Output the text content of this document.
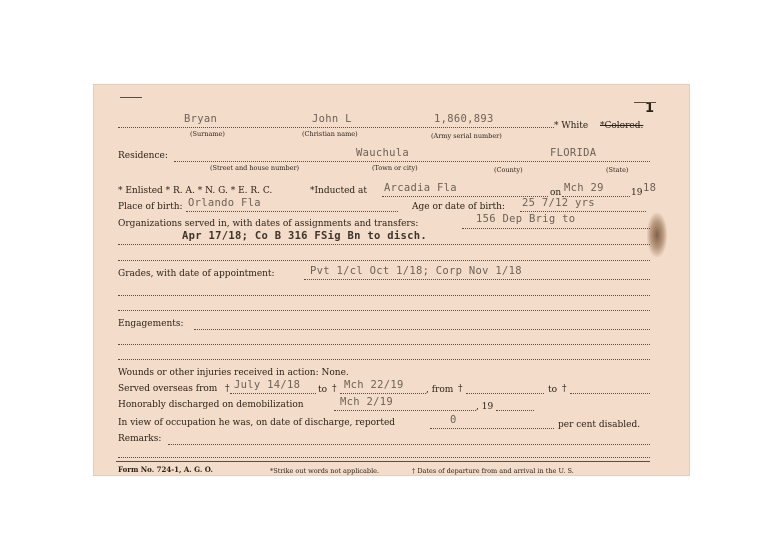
1
Bryan	John L	1,860,893
* White *Colored.
(Surname)	(Christian name)	(Army serial number)
Residence:	Wauchula	FLORIDA
(Street and house number)	(Town or city)	(County)	(State)
* Enlisted * R. A. * N. G. * E. R. C.	*Inducted at Arcadia Fla	on Mch 29	19 18
Place of birth: Orlando Fla	Age or date of birth: 25 7/12 yrs
Organizations served in, with dates of assignments and transfers:	156 Dep Brig to
Apr 17/18; Co B 316 FSig Bn to disch.
Grades, with date of appointment:	Pvt 1/cl Oct 1/18; Corp Nov 1/18
Engagements:
Wounds or other injuries received in action: None.
Served overseas from † July 14/18 to † Mch 22/19 , from †	to †
Honorably discharged on demobilization	Mch 2/19	, 19
In view of occupation he was, on date of discharge, reported	0	per cent disabled.
Remarks:
Form No. 724-1, A. G. O.	*Strike out words not applicable.	† Dates of departure from and arrival in the U. S.
